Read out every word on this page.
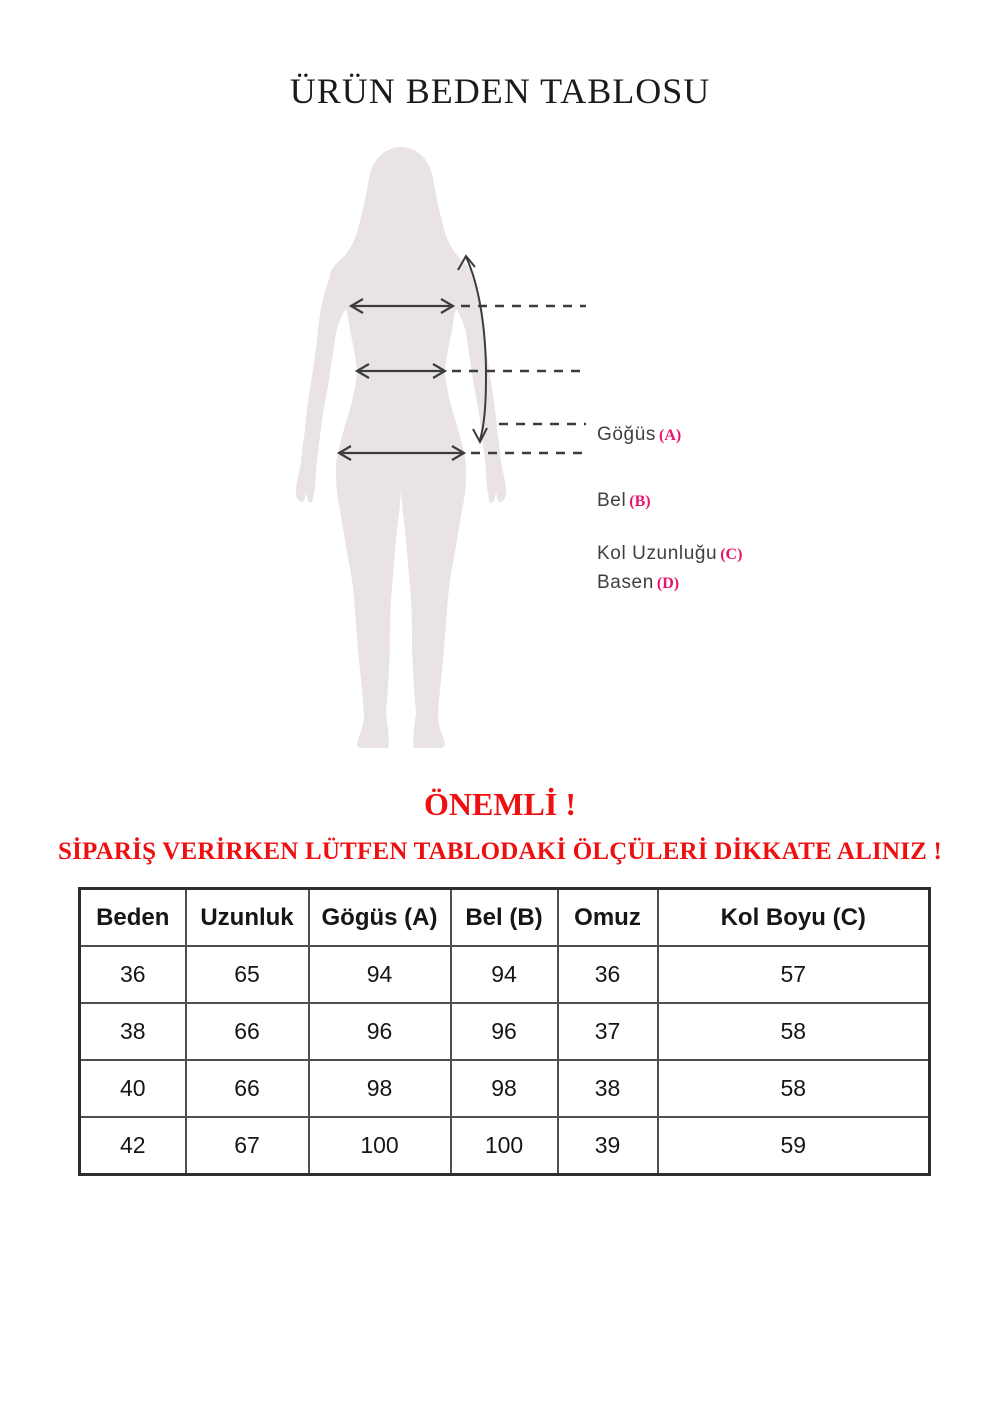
ÜRÜN BEDEN TABLOSU
Göğüs (A)
Bel (B)
Kol Uzunluğu (C)
Basen (D)
ÖNEMLİ !
SİPARİŞ VERİRKEN LÜTFEN TABLODAKİ ÖLÇÜLERİ DİKKATE ALINIZ !
Beden	Uzunluk	Gögüs (A)	Bel (B)	Omuz	Kol Boyu (C)
36	65	94	94	36	57
38	66	96	96	37	58
40	66	98	98	38	58
42	67	100	100	39	59
